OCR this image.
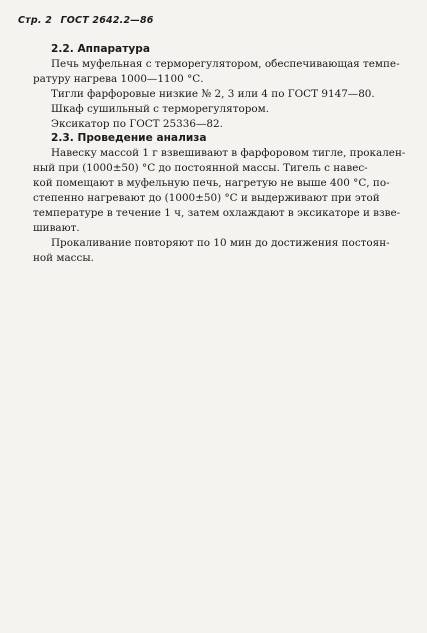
Стр. 2 ГОСТ 2642.2—86
2.2. Аппаратура
Печь муфельная с терморегулятором, обеспечивающая темпе-
ратуру нагрева 1000—1100 °С.
Тигли фарфоровые низкие № 2, 3 или 4 по ГОСТ 9147—80.
Шкаф сушильный с терморегулятором.
Эксикатор по ГОСТ 25336—82.
2.3. Проведение анализа
Навеску массой 1 г взвешивают в фарфоровом тигле, прокален-
ный при (1000±50) °С до постоянной массы. Тигель с навес-
кой помещают в муфельную печь, нагретую не выше 400 °С, по-
степенно нагревают до (1000±50) °С и выдерживают при этой
температуре в течение 1 ч, затем охлаждают в эксикаторе и взве-
шивают.
Прокаливание повторяют по 10 мин до достижения постоян-
ной массы.
